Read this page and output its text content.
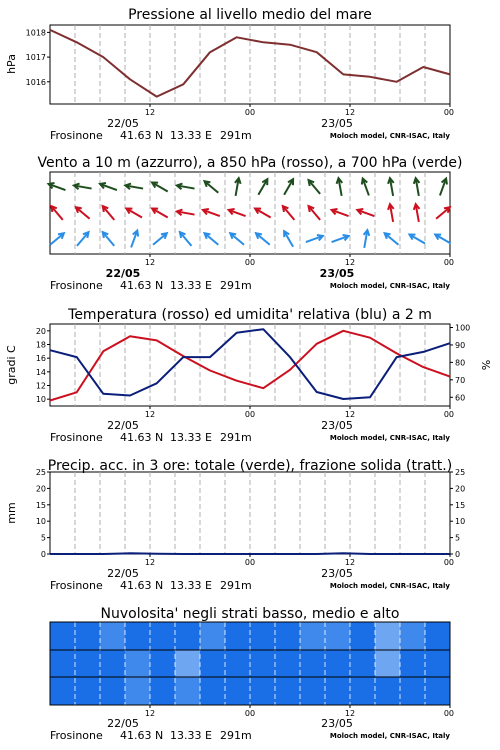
Pressione al livello medio del mare
1016
1017
1018
hPa
12	00	12	00
22/05	23/05
Frosinone 41.63 N 13.33 E 291m	Moloch model, CNR-ISAC, Italy
Vento a 10 m (azzurro), a 850 hPa (rosso), a 700 hPa (verde)
12	00	12	00
22/05	23/05
Frosinone 41.63 N 13.33 E 291m	Moloch model, CNR-ISAC, Italy
Temperatura (rosso) ed umidita' relativa (blu) a 2 m
10
12
14
16
18
20
60
70
80
90
100
gradi C	%
12	00	12	00
22/05	23/05
Frosinone 41.63 N 13.33 E 291m	Moloch model, CNR-ISAC, Italy
Precip. acc. in 3 ore: totale (verde), frazione solida (tratt.)
0
5
10
15
20
25
0
5
10
15
20
25
mm
12	00	12	00
22/05	23/05
Frosinone 41.63 N 13.33 E 291m	Moloch model, CNR-ISAC, Italy
Nuvolosita' negli strati basso, medio e alto
12	00	12	00
22/05	23/05
Frosinone 41.63 N 13.33 E 291m	Moloch model, CNR-ISAC, Italy
